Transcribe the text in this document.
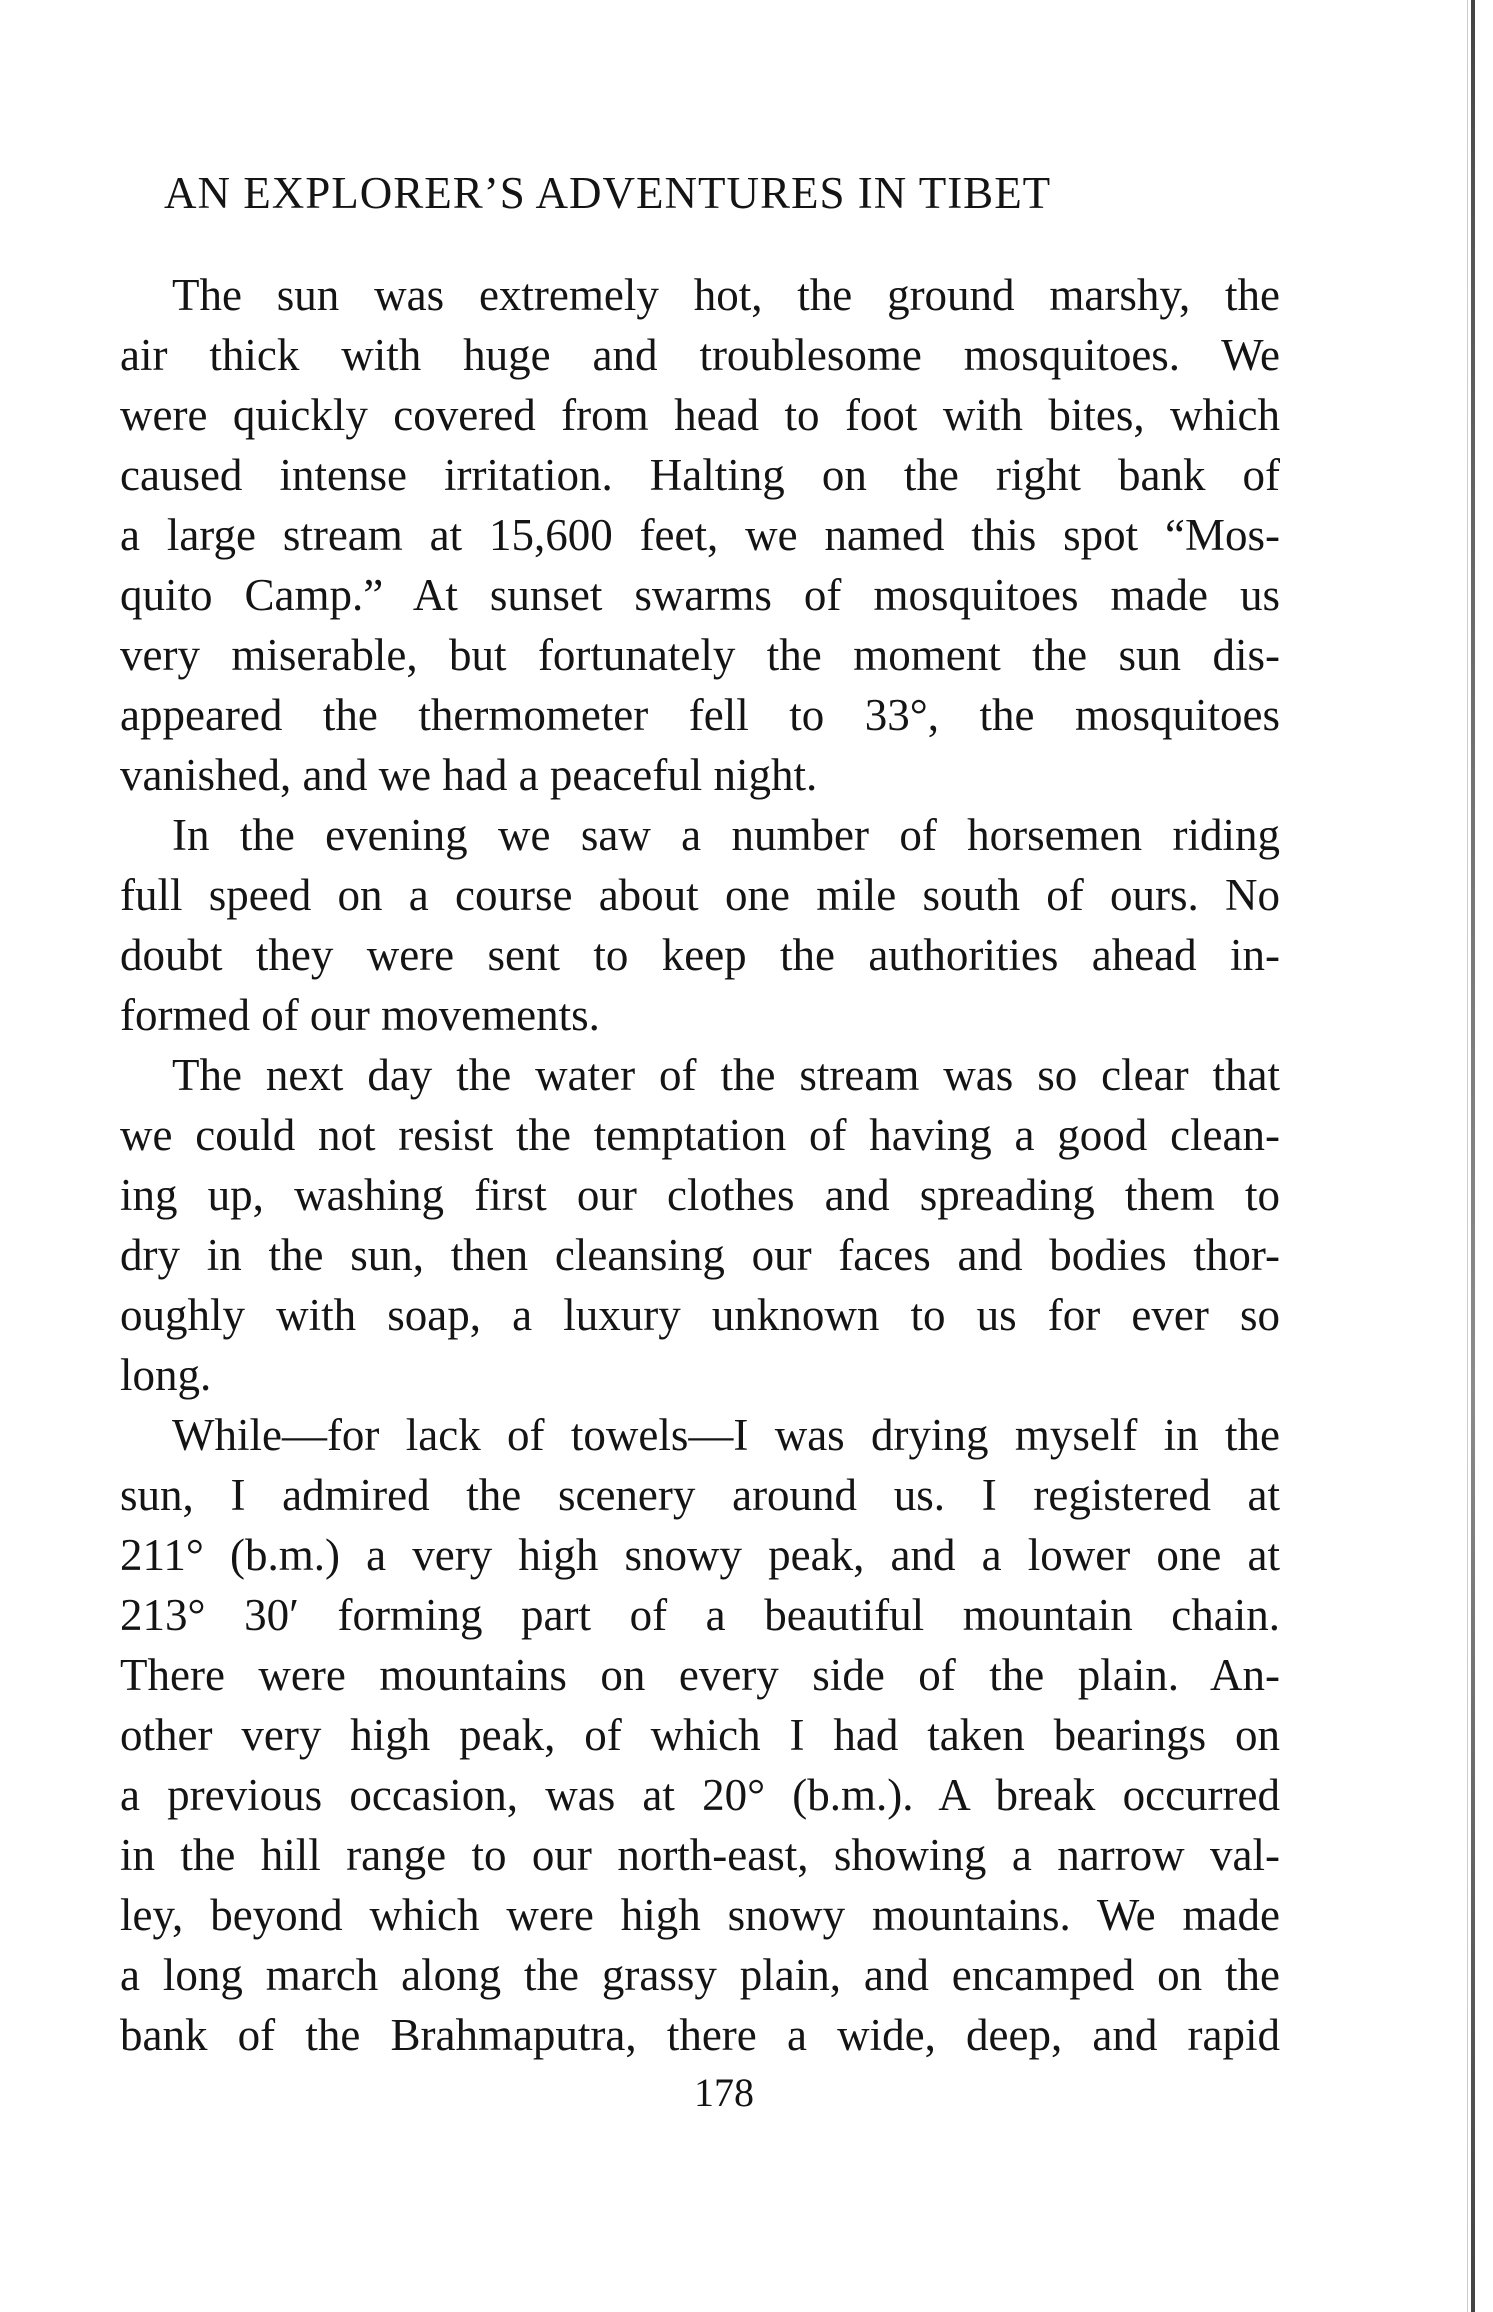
AN EXPLORER’S ADVENTURES IN TIBET
The sun was extremely hot, the ground marshy, the
air thick with huge and troublesome mosquitoes. We
were quickly covered from head to foot with bites, which
caused intense irritation. Halting on the right bank of
a large stream at 15,600 feet, we named this spot “Mos-
quito Camp.” At sunset swarms of mosquitoes made us
very miserable, but fortunately the moment the sun dis-
appeared the thermometer fell to 33°, the mosquitoes
vanished, and we had a peaceful night.
In the evening we saw a number of horsemen riding
full speed on a course about one mile south of ours. No
doubt they were sent to keep the authorities ahead in-
formed of our movements.
The next day the water of the stream was so clear that
we could not resist the temptation of having a good clean-
ing up, washing first our clothes and spreading them to
dry in the sun, then cleansing our faces and bodies thor-
oughly with soap, a luxury unknown to us for ever so
long.
While—for lack of towels—I was drying myself in the
sun, I admired the scenery around us. I registered at
211° (b.m.) a very high snowy peak, and a lower one at
213° 30′ forming part of a beautiful mountain chain.
There were mountains on every side of the plain. An-
other very high peak, of which I had taken bearings on
a previous occasion, was at 20° (b.m.). A break occurred
in the hill range to our north-east, showing a narrow val-
ley, beyond which were high snowy mountains. We made
a long march along the grassy plain, and encamped on the
bank of the Brahmaputra, there a wide, deep, and rapid
178
